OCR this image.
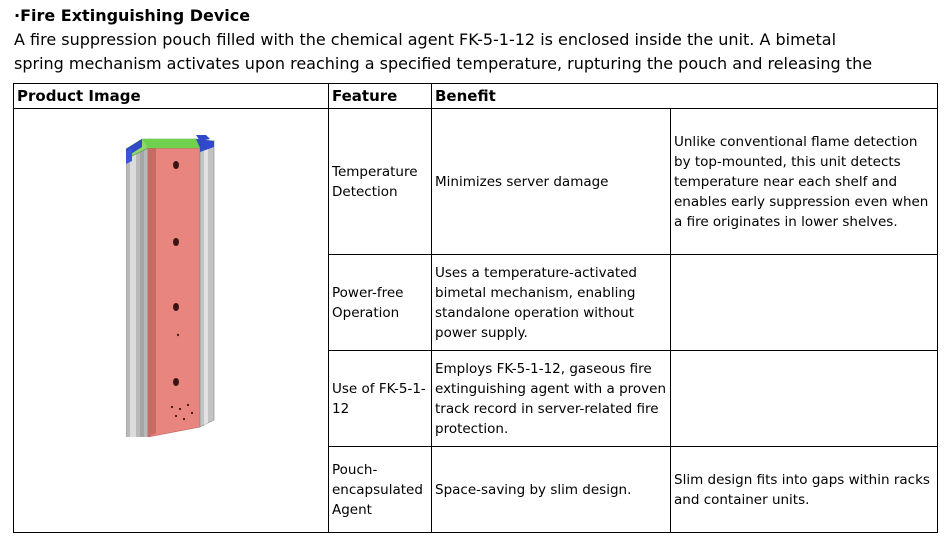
·Fire Extinguishing Device
A fire suppression pouch filled with the chemical agent FK-5-1-12 is enclosed inside the unit. A bimetal
spring mechanism activates upon reaching a specified temperature, rupturing the pouch and releasing the
Product Image	Feature	Benefit	

	Temperature Detection	Minimizes server damage	Unlike conventional flame detection by top-mounted, this unit detects temperature near each shelf and enables early suppression even when a fire originates in lower shelves.
	Power-free Operation	Uses a temperature-activated bimetal mechanism, enabling standalone operation without power supply.	
	Use of FK-5-1-12	Employs FK-5-1-12, gaseous fire extinguishing agent with a proven track record in server-related fire protection.	
	Pouch-encapsulated Agent	Space-saving by slim design.	Slim design fits into gaps within racks and container units.
